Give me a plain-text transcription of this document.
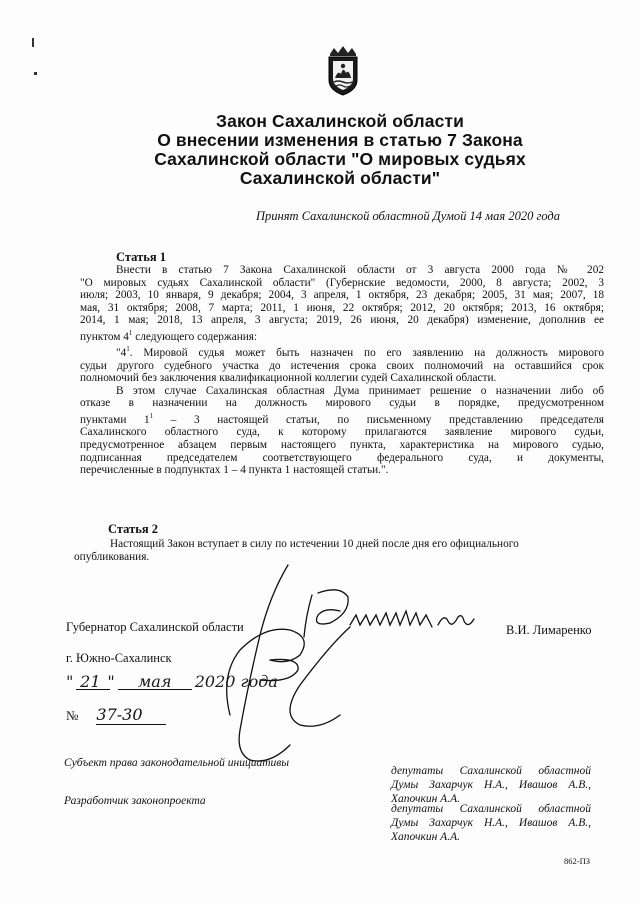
Закон Сахалинской области
О внесении изменения в статью 7 Закона
Сахалинской области "О мировых судьях
Сахалинской области"
Принят Сахалинской областной Думой 14 мая 2020 года
Статья 1
Внести в статью 7 Закона Сахалинской области от 3 августа 2000 года № 202
"О мировых судьях Сахалинской области" (Губернские ведомости, 2000, 8 августа; 2002, 3
июля; 2003, 10 января, 9 декабря; 2004, 3 апреля, 1 октября, 23 декабря; 2005, 31 мая; 2007, 18
мая, 31 октября; 2008, 7 марта; 2011, 1 июня, 22 октября; 2012, 20 октября; 2013, 16 октября;
2014, 1 мая; 2018, 13 апреля, 3 августа; 2019, 26 июня, 20 декабря) изменение, дополнив ее
пунктом $4^1$ следующего содержания:
"$4^1$. Мировой судья может быть назначен по его заявлению на должность мирового
судьи другого судебного участка до истечения срока своих полномочий на оставшийся срок
полномочий без заключения квалификационной коллегии судей Сахалинской области.
В этом случае Сахалинская областная Дума принимает решение о назначении либо об
отказе в назначении на должность мирового судьи в порядке, предусмотренном
пунктами $1^1 - 3$ настоящей статьи, по письменному представлению председателя
Сахалинского областного суда, к которому прилагаются заявление мирового судьи,
предусмотренное абзацем первым настоящего пункта, характеристика на мирового судью,
подписанная председателем соответствующего федерального суда, и документы,
перечисленные в подпунктах 1 – 4 пункта 1 настоящей статьи.".
Статья 2
Настоящий Закон вступает в силу по истечении 10 дней после дня его официального
опубликования.
Губернатор Сахалинской области	В.И. Лимаренко
г. Южно-Сахалинск
" 21 " мая 2020 года
№ 37-30
Субъект права законодательной инициативы
Разработчик законопроекта
депутаты Сахалинской областной
Думы Захарчук Н.А., Ивашов А.В.,
Хапочкин А.А.
депутаты Сахалинской областной
Думы Захарчук Н.А., Ивашов А.В.,
Хапочкин А.А.
862-ПЗ
